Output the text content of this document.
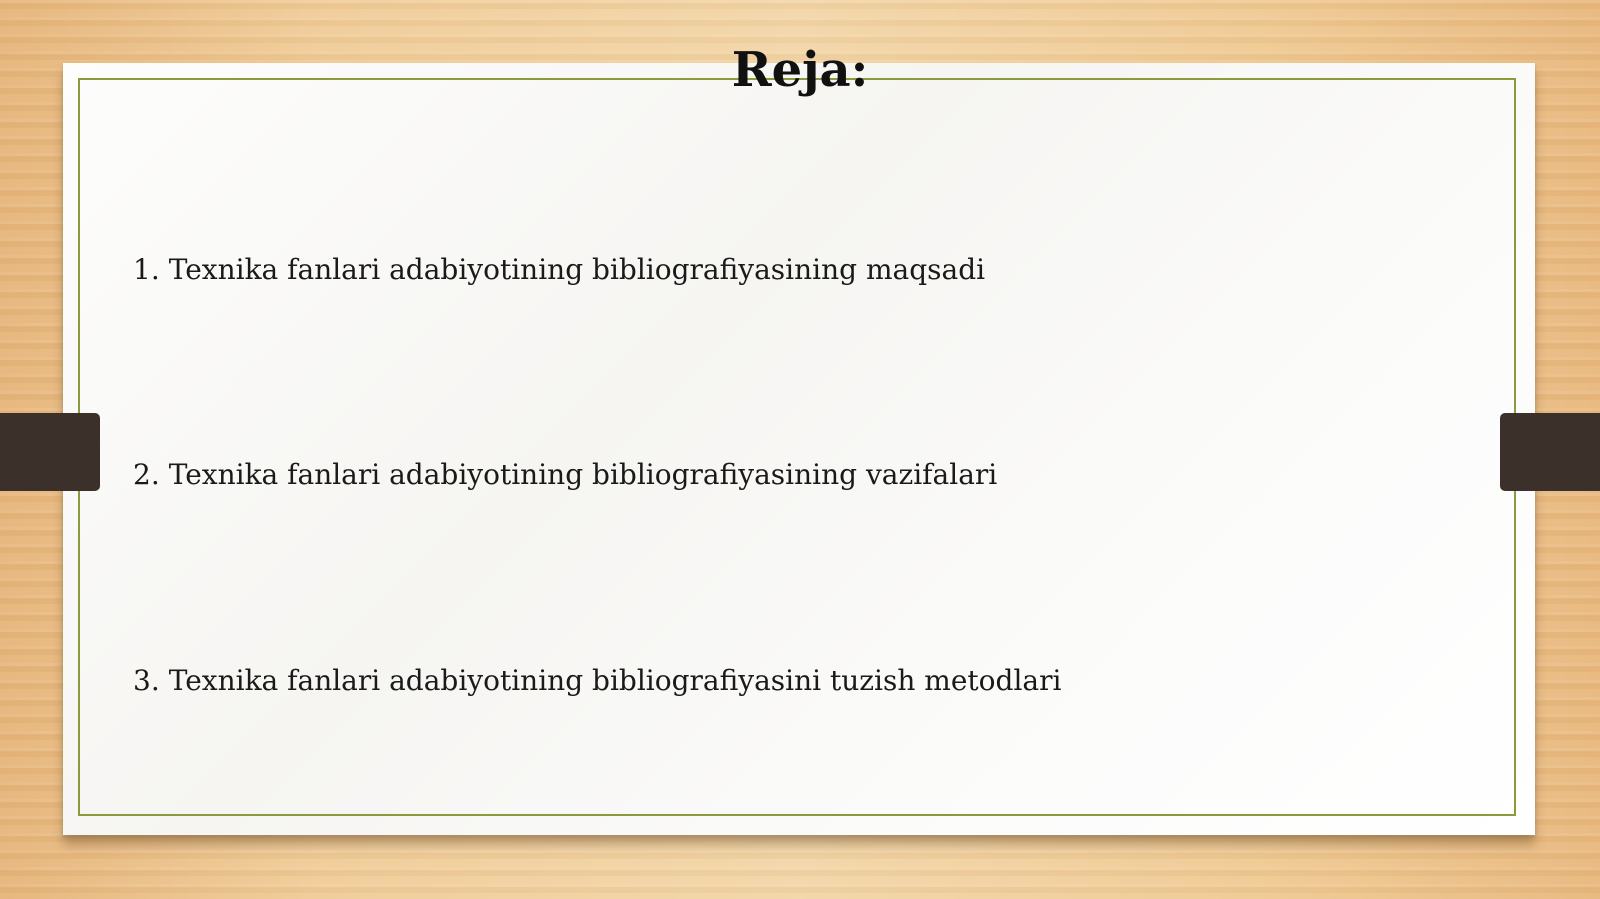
Reja:
1. Texnika fanlari adabiyotining bibliografiyasining maqsadi
2. Texnika fanlari adabiyotining bibliografiyasining vazifalari
3. Texnika fanlari adabiyotining bibliografiyasini tuzish metodlari
